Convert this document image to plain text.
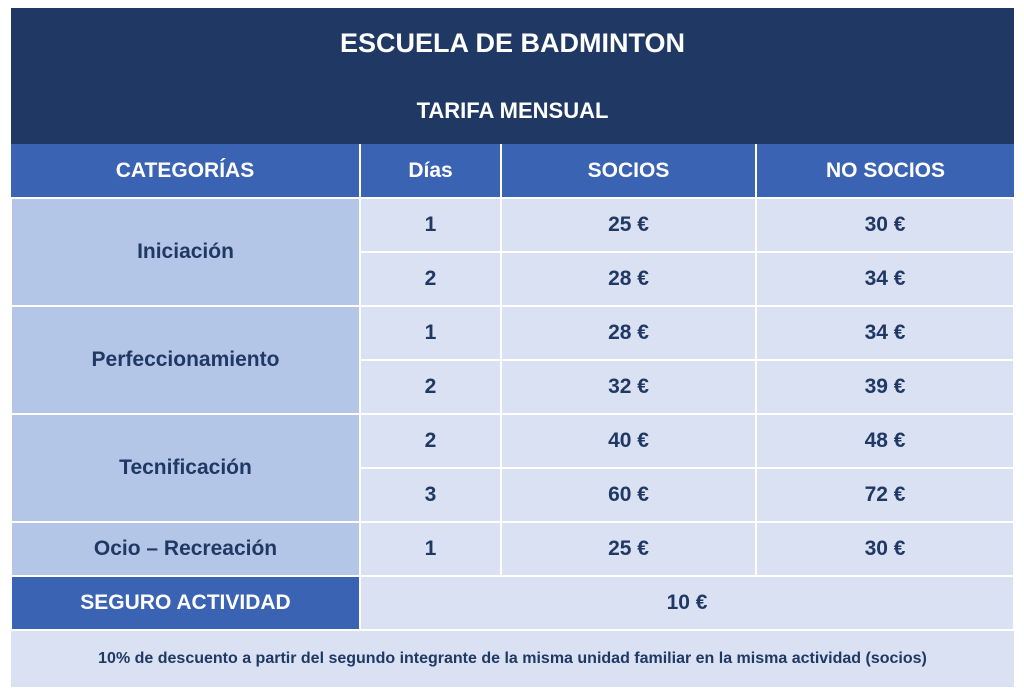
ESCUELA DE BADMINTON			
TARIFA MENSUAL			
CATEGORÍAS	Días	SOCIOS	NO SOCIOS
Iniciación	1	25 €	30 €
	2	28 €	34 €
Perfeccionamiento	1	28 €	34 €
	2	32 €	39 €
Tecnificación	2	40 €	48 €
	3	60 €	72 €
Ocio – Recreación	1	25 €	30 €
SEGURO ACTIVIDAD	10 €		
10% de descuento a partir del segundo integrante de la misma unidad familiar en la misma actividad (socios)			
